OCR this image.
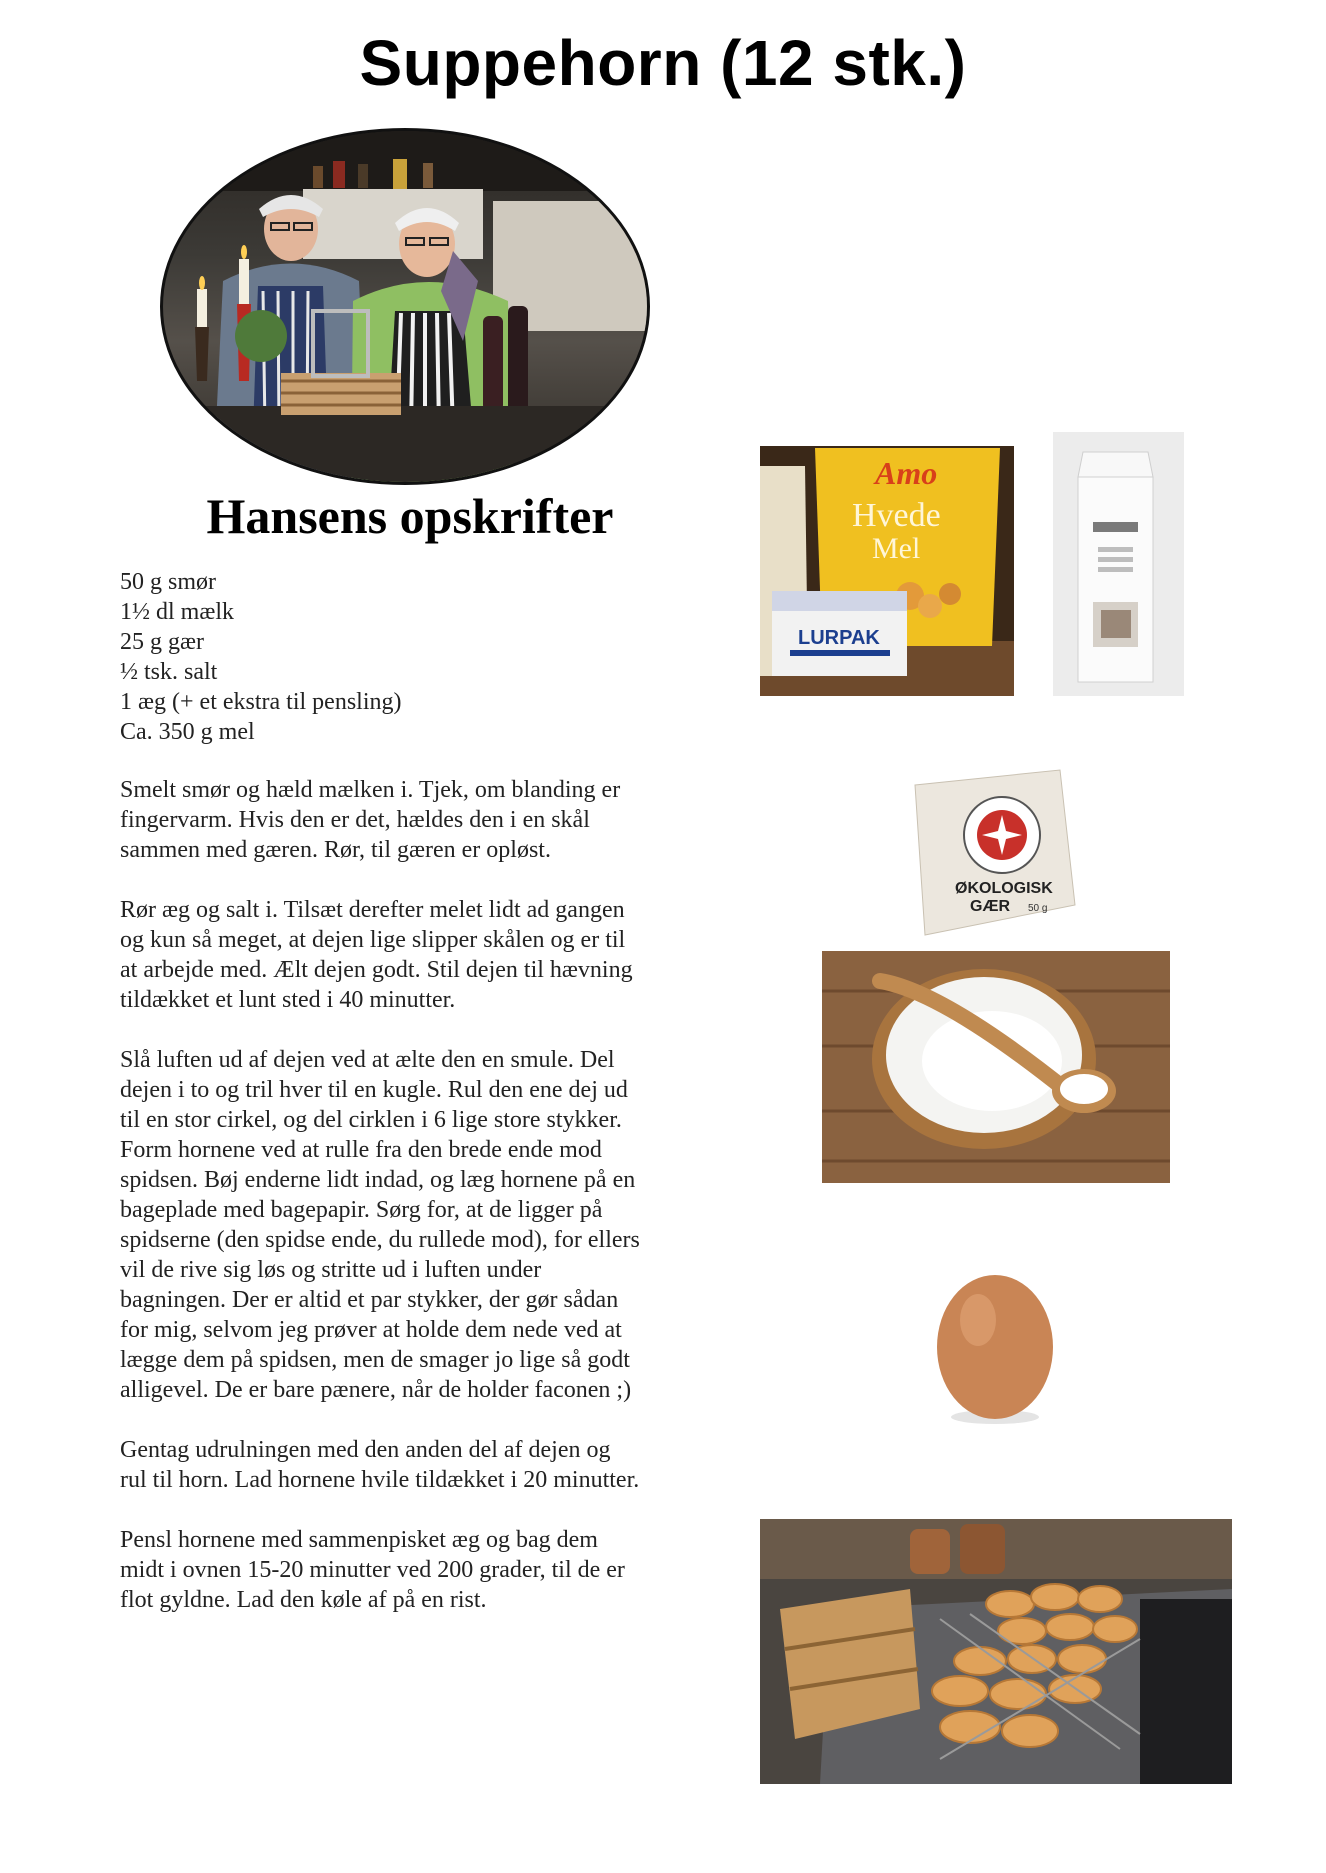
Suppehorn (12 stk.)
Hansens opskrifter
50 g smør
1½ dl mælk
25 g gær
½ tsk. salt
1 æg (+ et ekstra til pensling)
Ca. 350 g mel

Smelt smør og hæld mælken i. Tjek, om blanding er fingervarm. Hvis den er det, hældes den i en skål sammen med gæren. Rør, til gæren er opløst.

Rør æg og salt i. Tilsæt derefter melet lidt ad gangen og kun så meget, at dejen lige slipper skålen og er til at arbejde med. Ælt dejen godt. Stil dejen til hævning tildækket et lunt sted i 40 minutter.

Slå luften ud af dejen ved at ælte den en smule. Del dejen i to og tril hver til en kugle. Rul den ene dej ud til en stor cirkel, og del cirklen i 6 lige store stykker. Form hornene ved at rulle fra den brede ende mod spidsen. Bøj enderne lidt indad, og læg hornene på en bageplade med bagepapir. Sørg for, at de ligger på spidserne (den spidse ende, du rullede mod), for ellers vil de rive sig løs og stritte ud i luften under bagningen. Der er altid et par stykker, der gør sådan for mig, selvom jeg prøver at holde dem nede ved at lægge dem på spidsen, men de smager jo lige så godt alligevel. De er bare pænere, når de holder faconen ;)

Gentag udrulningen med den anden del af dejen og rul til horn. Lad hornene hvile tildækket i 20 minutter.

Pensl hornene med sammenpisket æg og bag dem midt i ovnen 15-20 minutter ved 200 grader, til de er flot gyldne. Lad den køle af på en rist.

Amo
Hvede
Mel
LURPAK
ØKOLOGISK
GÆR 50 g
